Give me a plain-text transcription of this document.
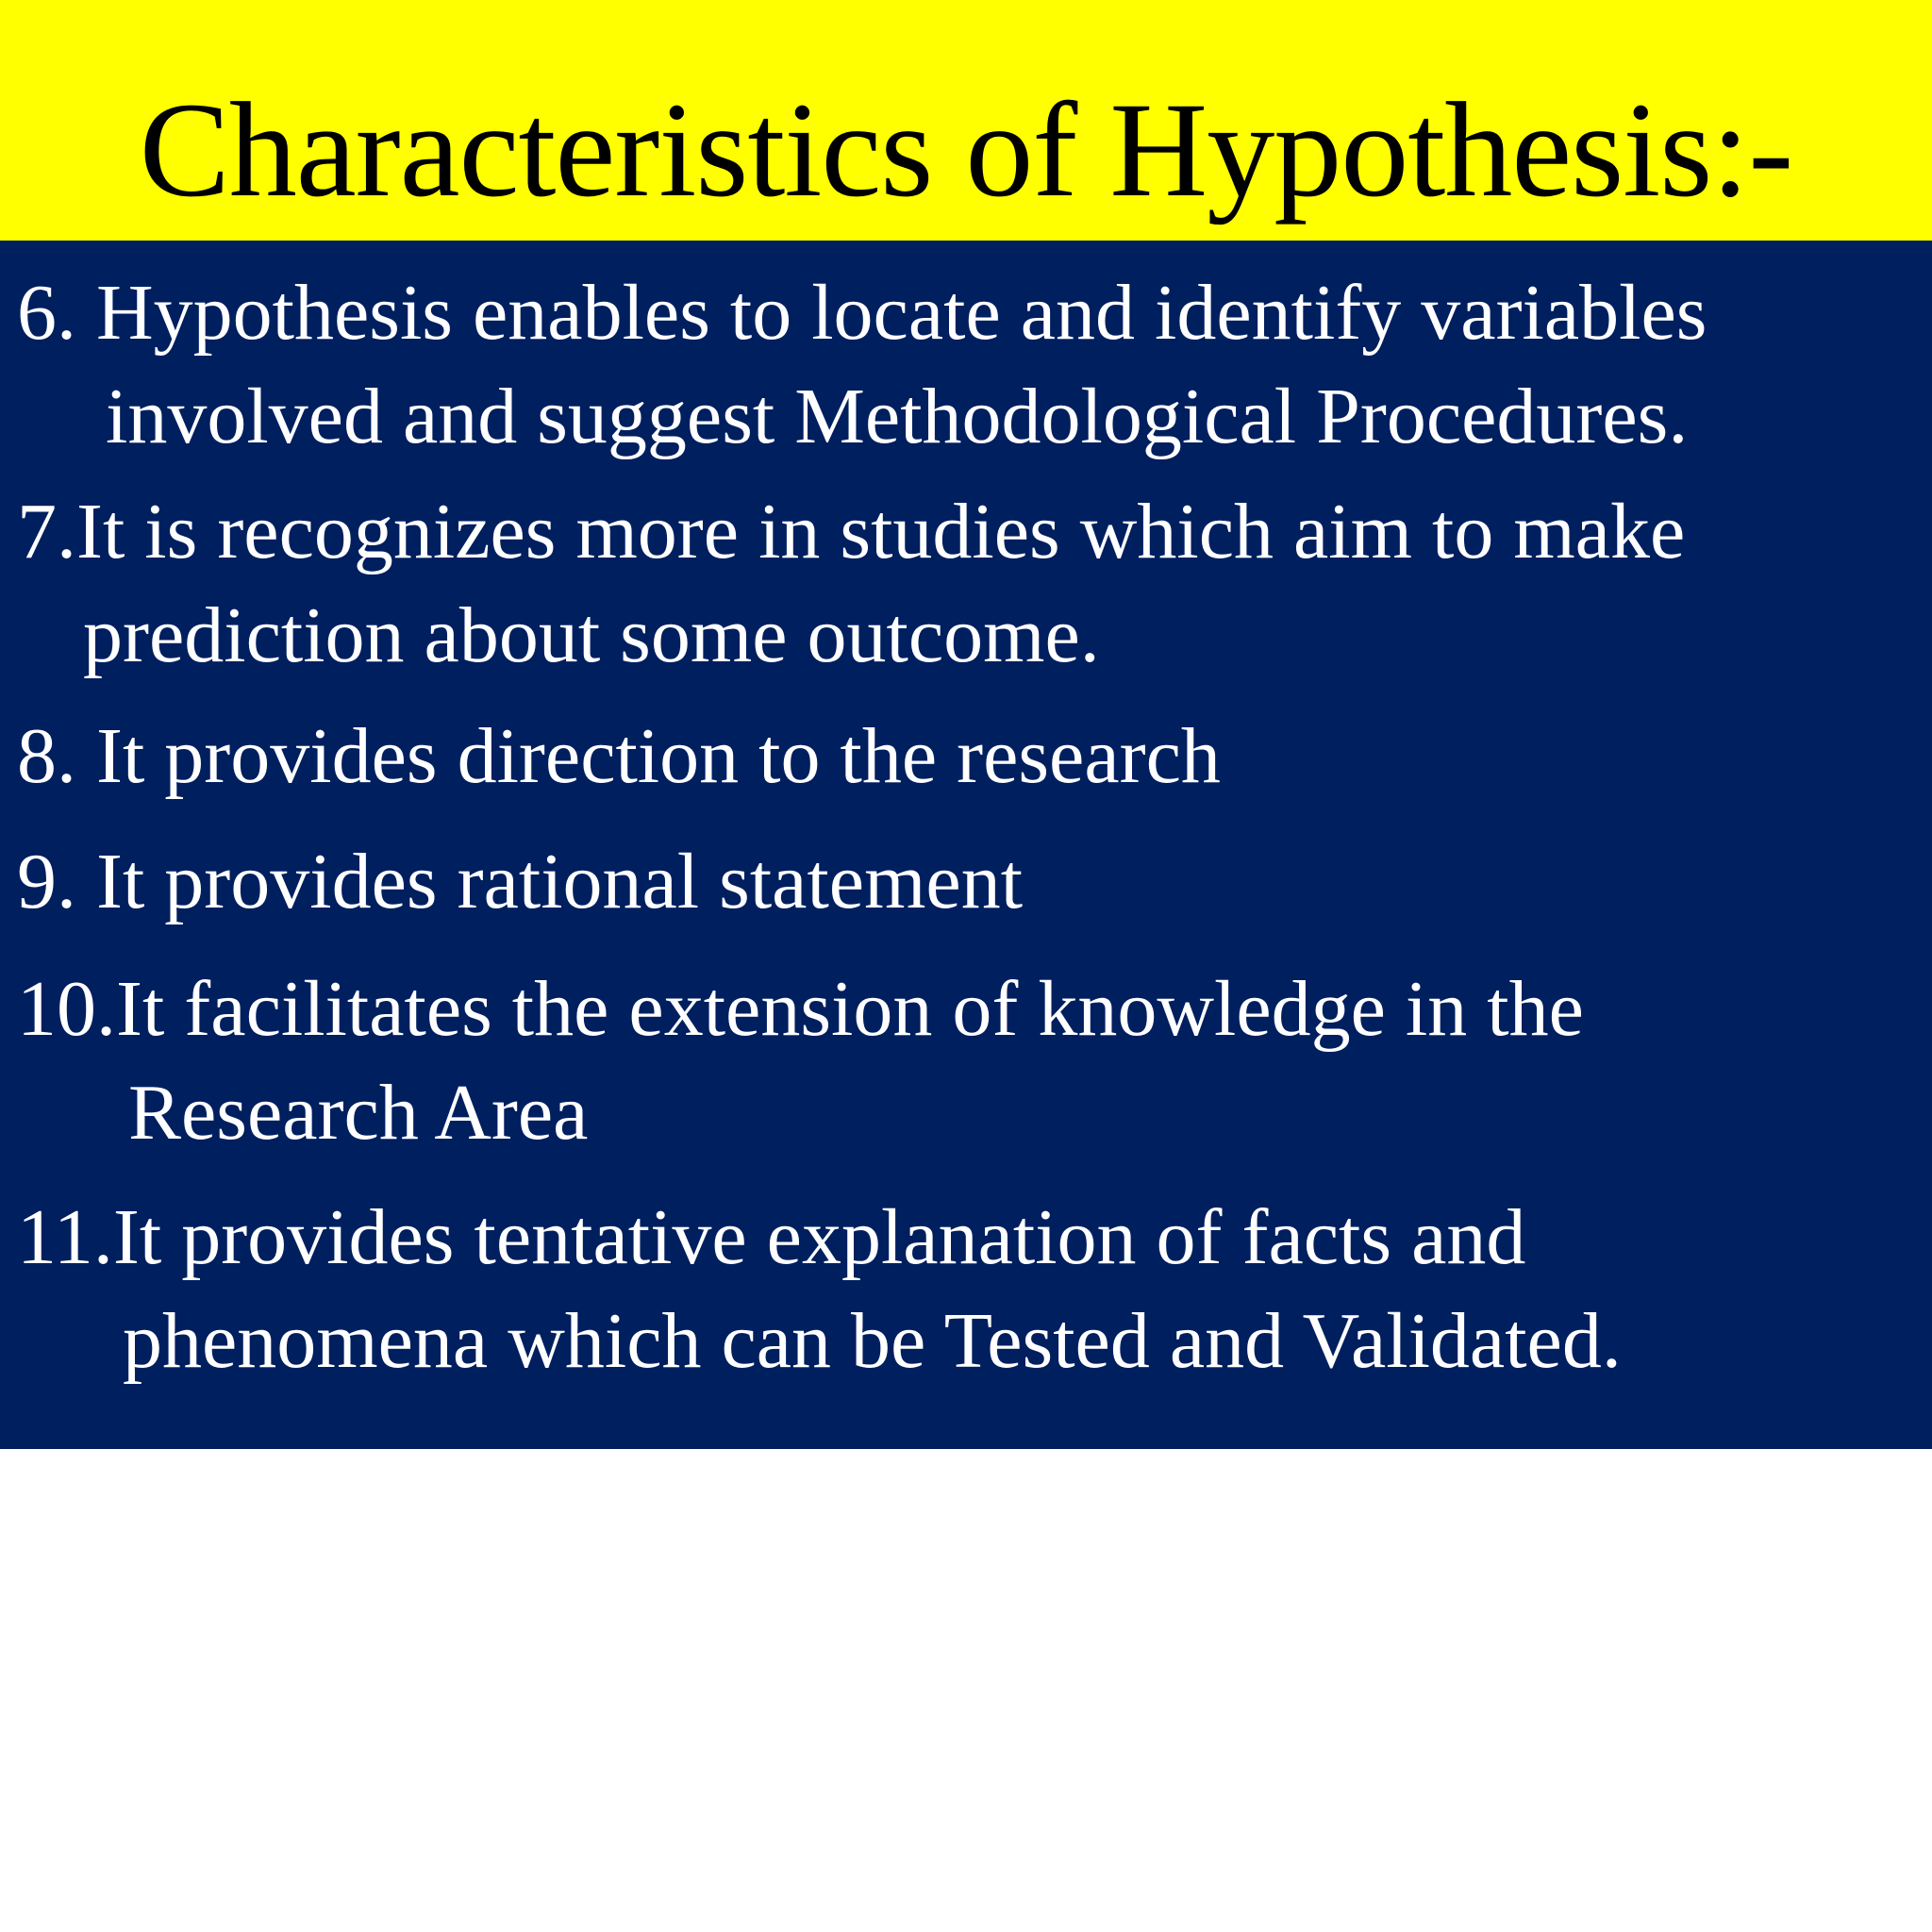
Characteristics of Hypothesis:-
6. Hypothesis enables to locate and identify variables
involved and suggest Methodological Procedures.
7.It is recognizes more in studies which aim to make
prediction about some outcome.
8. It provides direction to the research
9. It provides rational statement
10.It facilitates the extension of knowledge in the
Research Area
11.It provides tentative explanation of facts and
phenomena which can be Tested and Validated.
